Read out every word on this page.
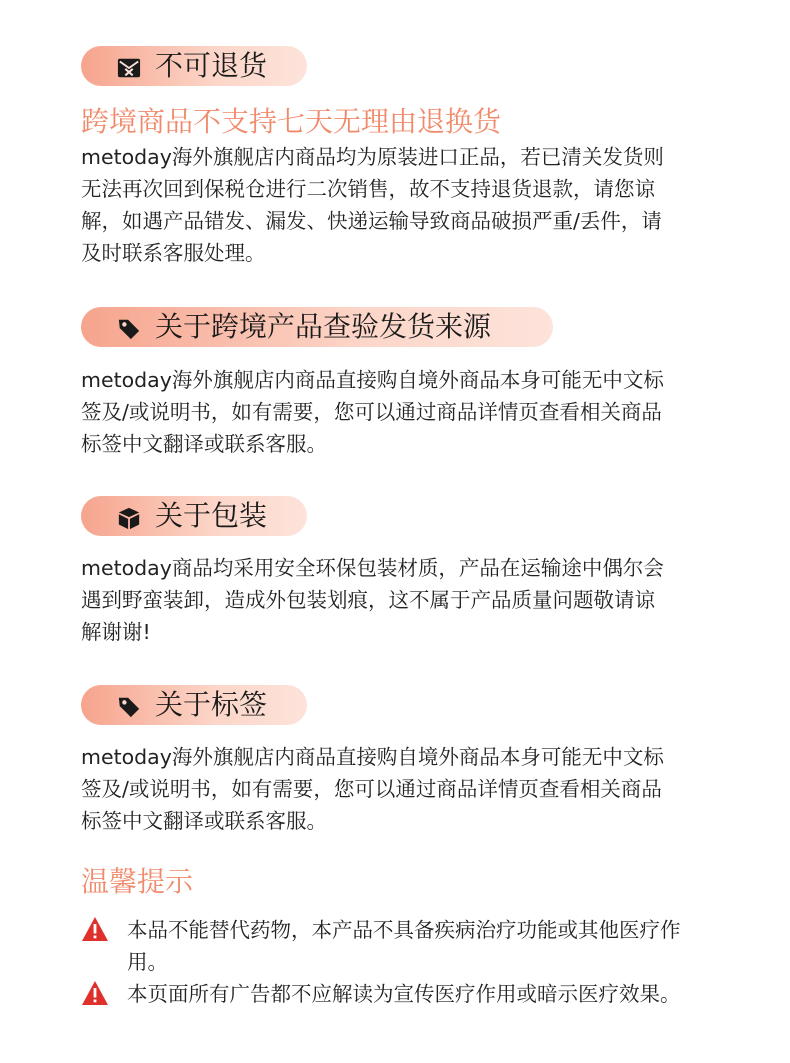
不可退货
跨境商品不支持七天无理由退换货
metoday海外旗舰店内商品均为原装进口正品，若已清关发货则
无法再次回到保税仓进行二次销售，故不支持退货退款，请您谅
解，如遇产品错发、漏发、快递运输导致商品破损严重/丢件，请
及时联系客服处理。
关于跨境产品查验发货来源
metoday海外旗舰店内商品直接购自境外商品本身可能无中文标
签及/或说明书，如有需要，您可以通过商品详情页查看相关商品
标签中文翻译或联系客服。
关于包装
metoday商品均采用安全环保包装材质，产品在运输途中偶尔会
遇到野蛮装卸，造成外包装划痕，这不属于产品质量问题敬请谅
解谢谢!
关于标签
metoday海外旗舰店内商品直接购自境外商品本身可能无中文标
签及/或说明书，如有需要，您可以通过商品详情页查看相关商品
标签中文翻译或联系客服。
温馨提示
本品不能替代药物，本产品不具备疾病治疗功能或其他医疗作
用。
本页面所有广告都不应解读为宣传医疗作用或暗示医疗效果。
